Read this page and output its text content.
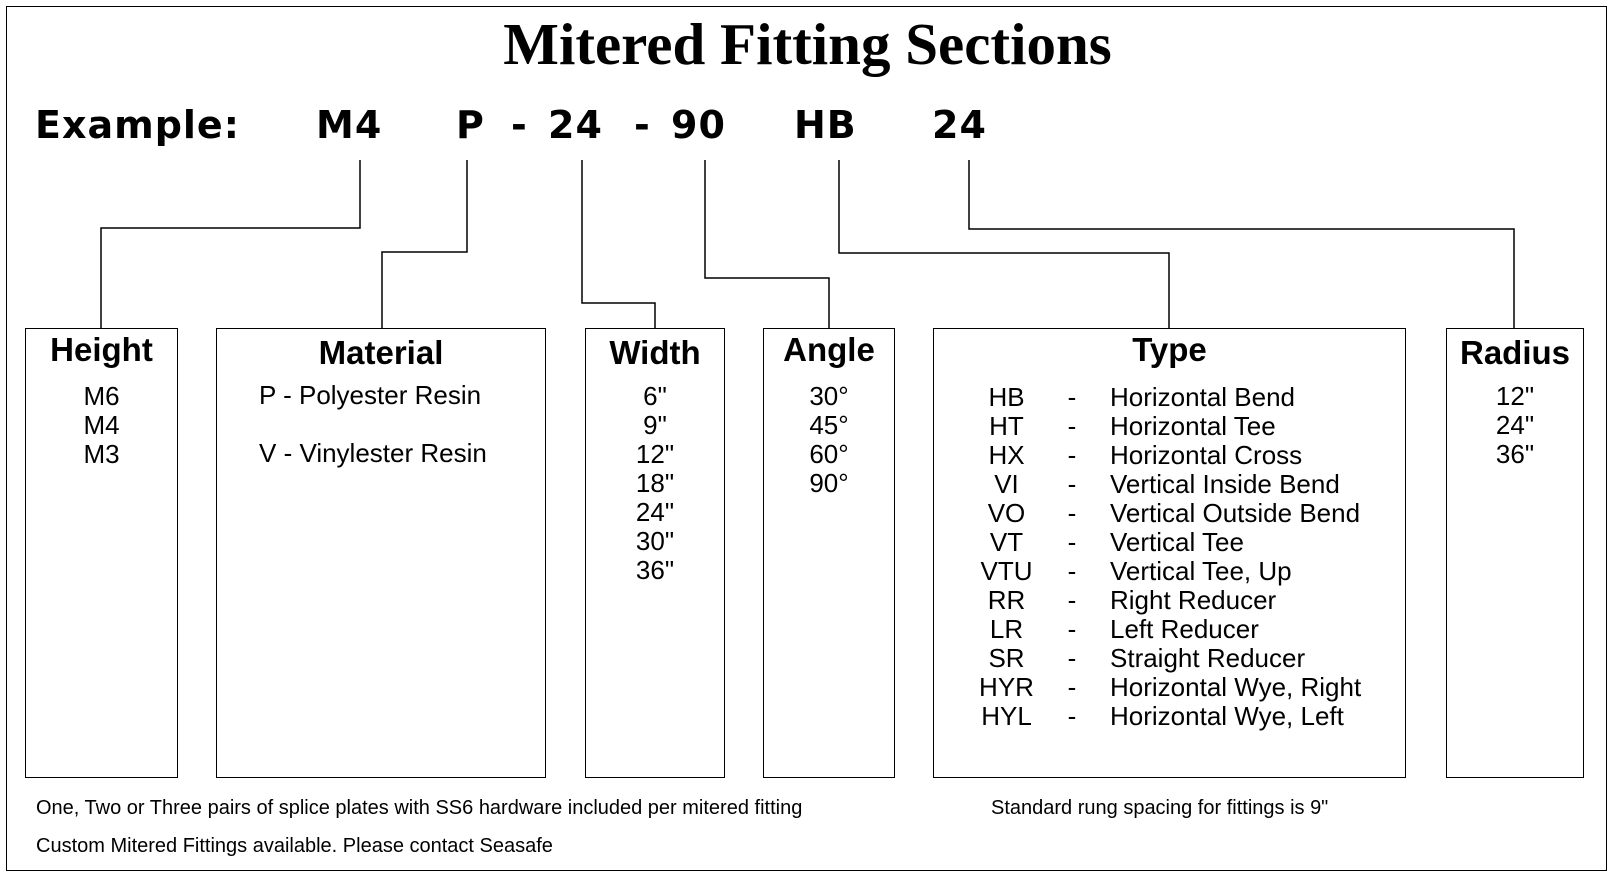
Mitered Fitting Sections
Example: M4 P - 24 - 90 HB 24
Height
M6
M4
M3
Material
P - Polyester Resin
V - Vinylester Resin
Width
6"
9"
12"
18"
24"
30"
36"
Angle
30°
45°
60°
90°
Type
HB	- Horizontal Bend
HT	- Horizontal Tee
HX	- Horizontal Cross
VI	- Vertical Inside Bend
VO	- Vertical Outside Bend
VT	- Vertical Tee
VTU	- Vertical Tee, Up
RR	- Right Reducer
LR	- Left Reducer
SR	- Straight Reducer
HYR	- Horizontal Wye, Right
HYL	- Horizontal Wye, Left
Radius
12"
24"
36"
One, Two or Three pairs of splice plates with SS6 hardware included per mitered fitting	Standard rung spacing for fittings is 9"
Custom Mitered Fittings available. Please contact Seasafe
